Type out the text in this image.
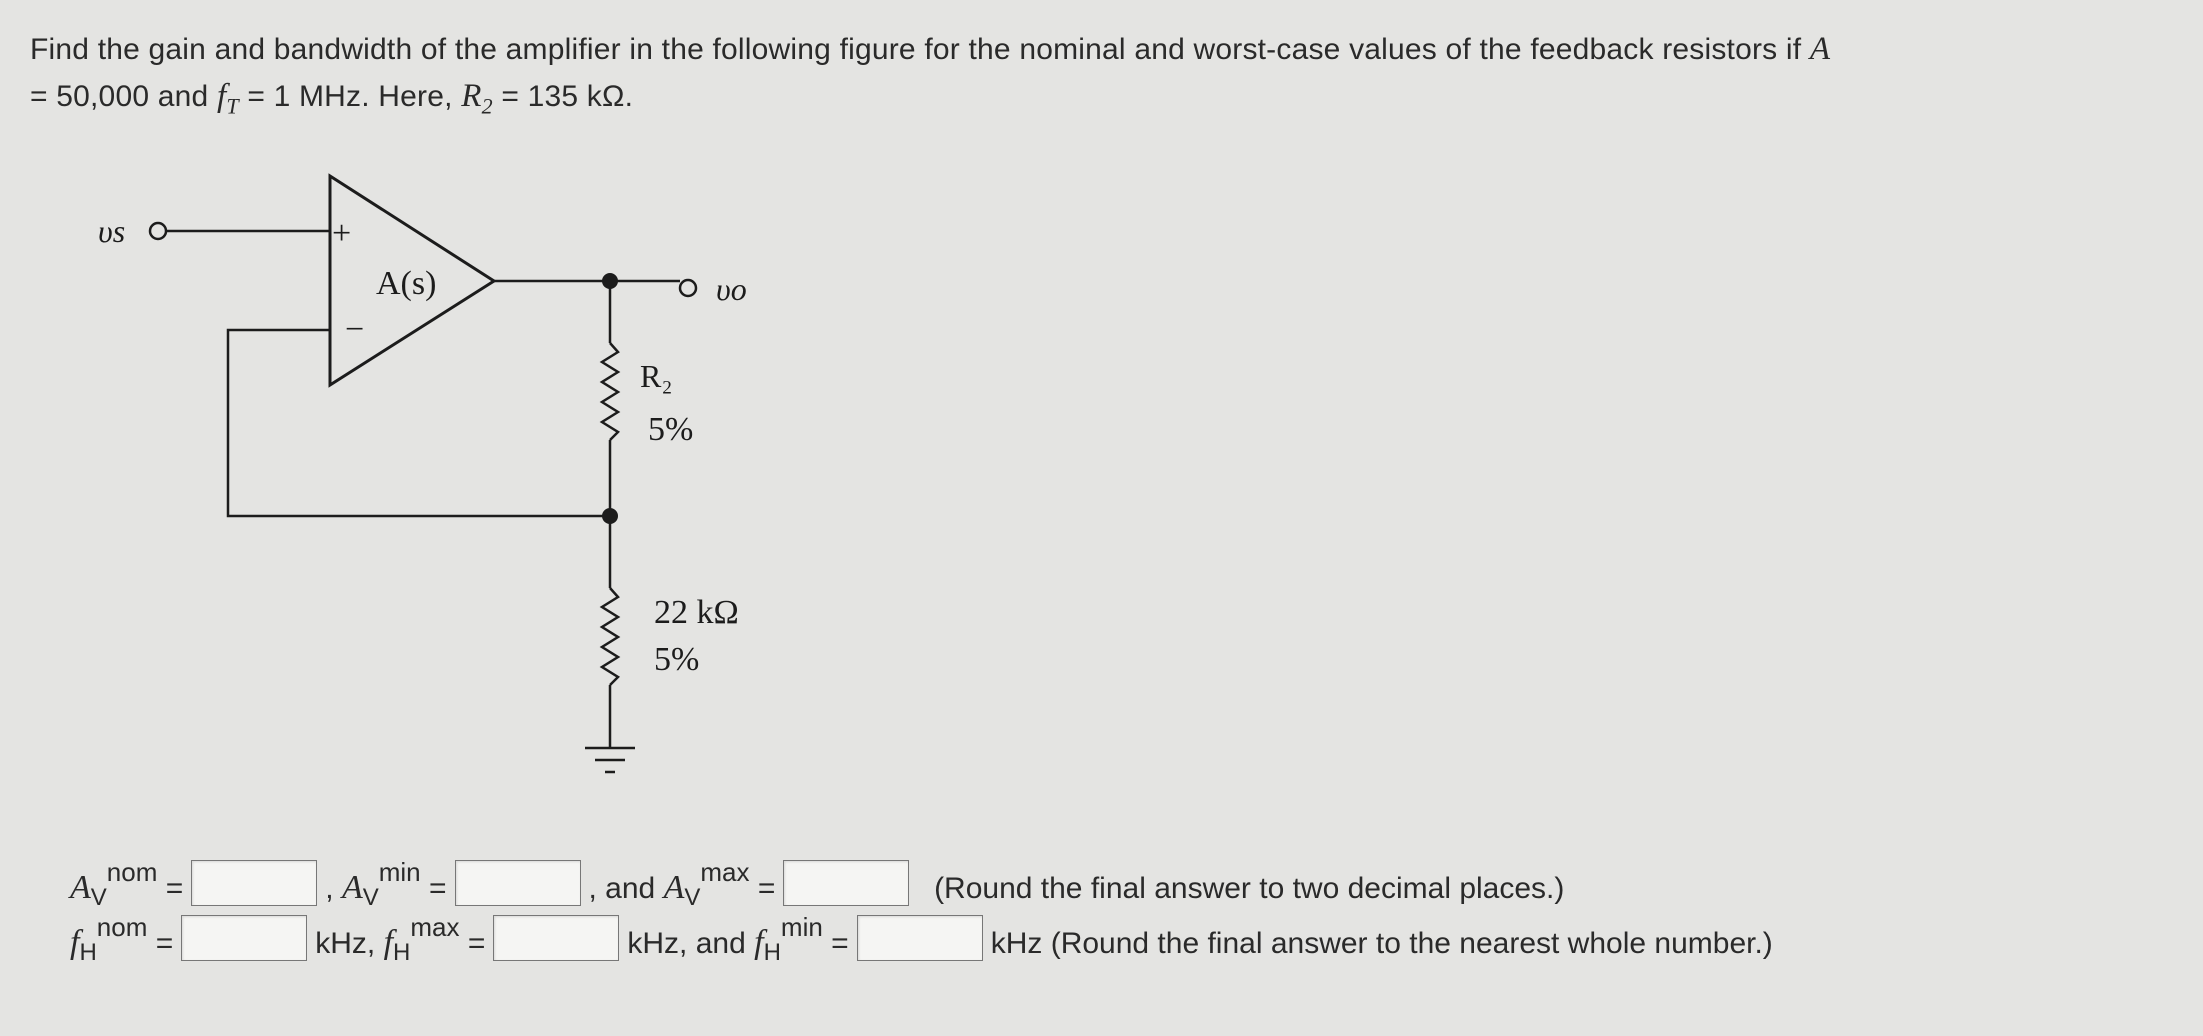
Find the gain and bandwidth of the amplifier in the following figure for the nominal and worst-case values of the feedback resistors if A
= 50,000 and $f_T = 1$ MHz. Here, $R_2 = 135$ kΩ.
υs
υo
+
−
A(s)
R₂
5%
22 kΩ
5%
$A_V^{nom}$ =	,
$A_V^{min}$ =	, and
$A_V^{max}$ =
	(Round the final answer to two decimal places.)
$f_H^{nom}$ =	kHz,
$f_H^{max}$ =	kHz, and
$f_H^{min}$ =	kHz (Round the final answer to the nearest whole number.)
